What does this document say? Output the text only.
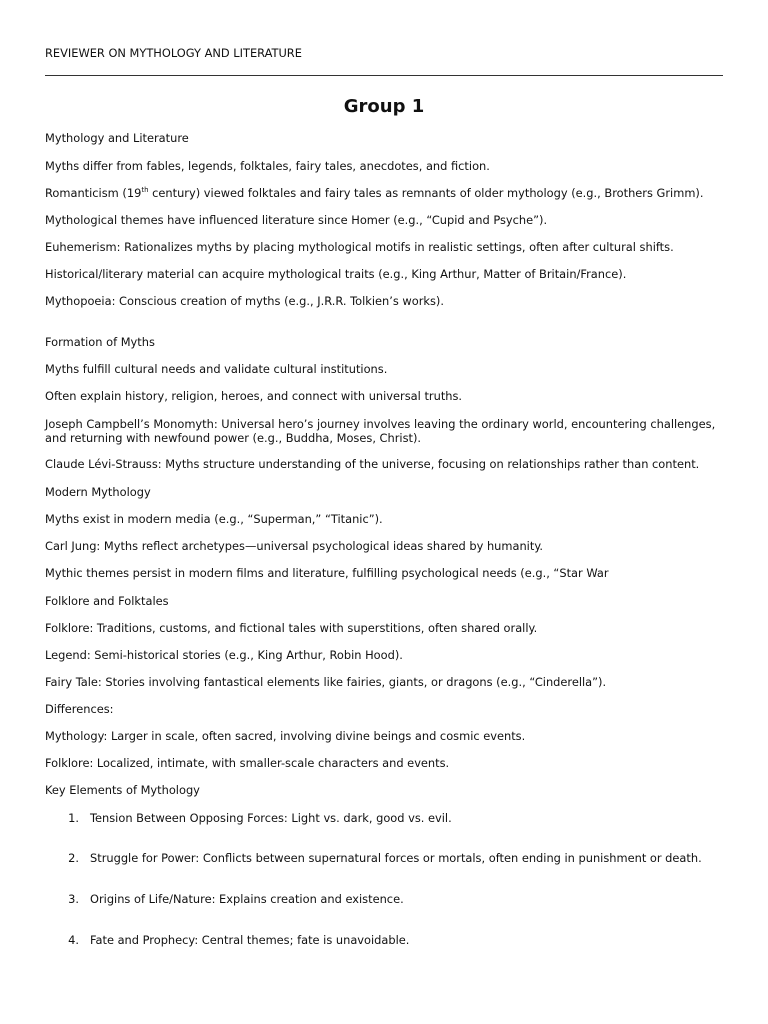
REVIEWER ON MYTHOLOGY AND LITERATURE
Group 1
Mythology and Literature
Myths differ from fables, legends, folktales, fairy tales, anecdotes, and fiction.
Romanticism (19th century) viewed folktales and fairy tales as remnants of older mythology (e.g., Brothers Grimm).
Mythological themes have influenced literature since Homer (e.g., “Cupid and Psyche”).
Euhemerism: Rationalizes myths by placing mythological motifs in realistic settings, often after cultural shifts.
Historical/literary material can acquire mythological traits (e.g., King Arthur, Matter of Britain/France).
Mythopoeia: Conscious creation of myths (e.g., J.R.R. Tolkien’s works).
Formation of Myths
Myths fulfill cultural needs and validate cultural institutions.
Often explain history, religion, heroes, and connect with universal truths.
Joseph Campbell’s Monomyth: Universal hero’s journey involves leaving the ordinary world, encountering challenges, and returning with newfound power (e.g., Buddha, Moses, Christ).
Claude Lévi-Strauss: Myths structure understanding of the universe, focusing on relationships rather than content.
Modern Mythology
Myths exist in modern media (e.g., “Superman,” “Titanic”).
Carl Jung: Myths reflect archetypes—universal psychological ideas shared by humanity.
Mythic themes persist in modern films and literature, fulfilling psychological needs (e.g., “Star War
Folklore and Folktales
Folklore: Traditions, customs, and fictional tales with superstitions, often shared orally.
Legend: Semi-historical stories (e.g., King Arthur, Robin Hood).
Fairy Tale: Stories involving fantastical elements like fairies, giants, or dragons (e.g., “Cinderella”).
Differences:
Mythology: Larger in scale, often sacred, involving divine beings and cosmic events.
Folklore: Localized, intimate, with smaller-scale characters and events.
Key Elements of Mythology
1. Tension Between Opposing Forces: Light vs. dark, good vs. evil.
2. Struggle for Power: Conflicts between supernatural forces or mortals, often ending in punishment or death.
3. Origins of Life/Nature: Explains creation and existence.
4. Fate and Prophecy: Central themes; fate is unavoidable.
